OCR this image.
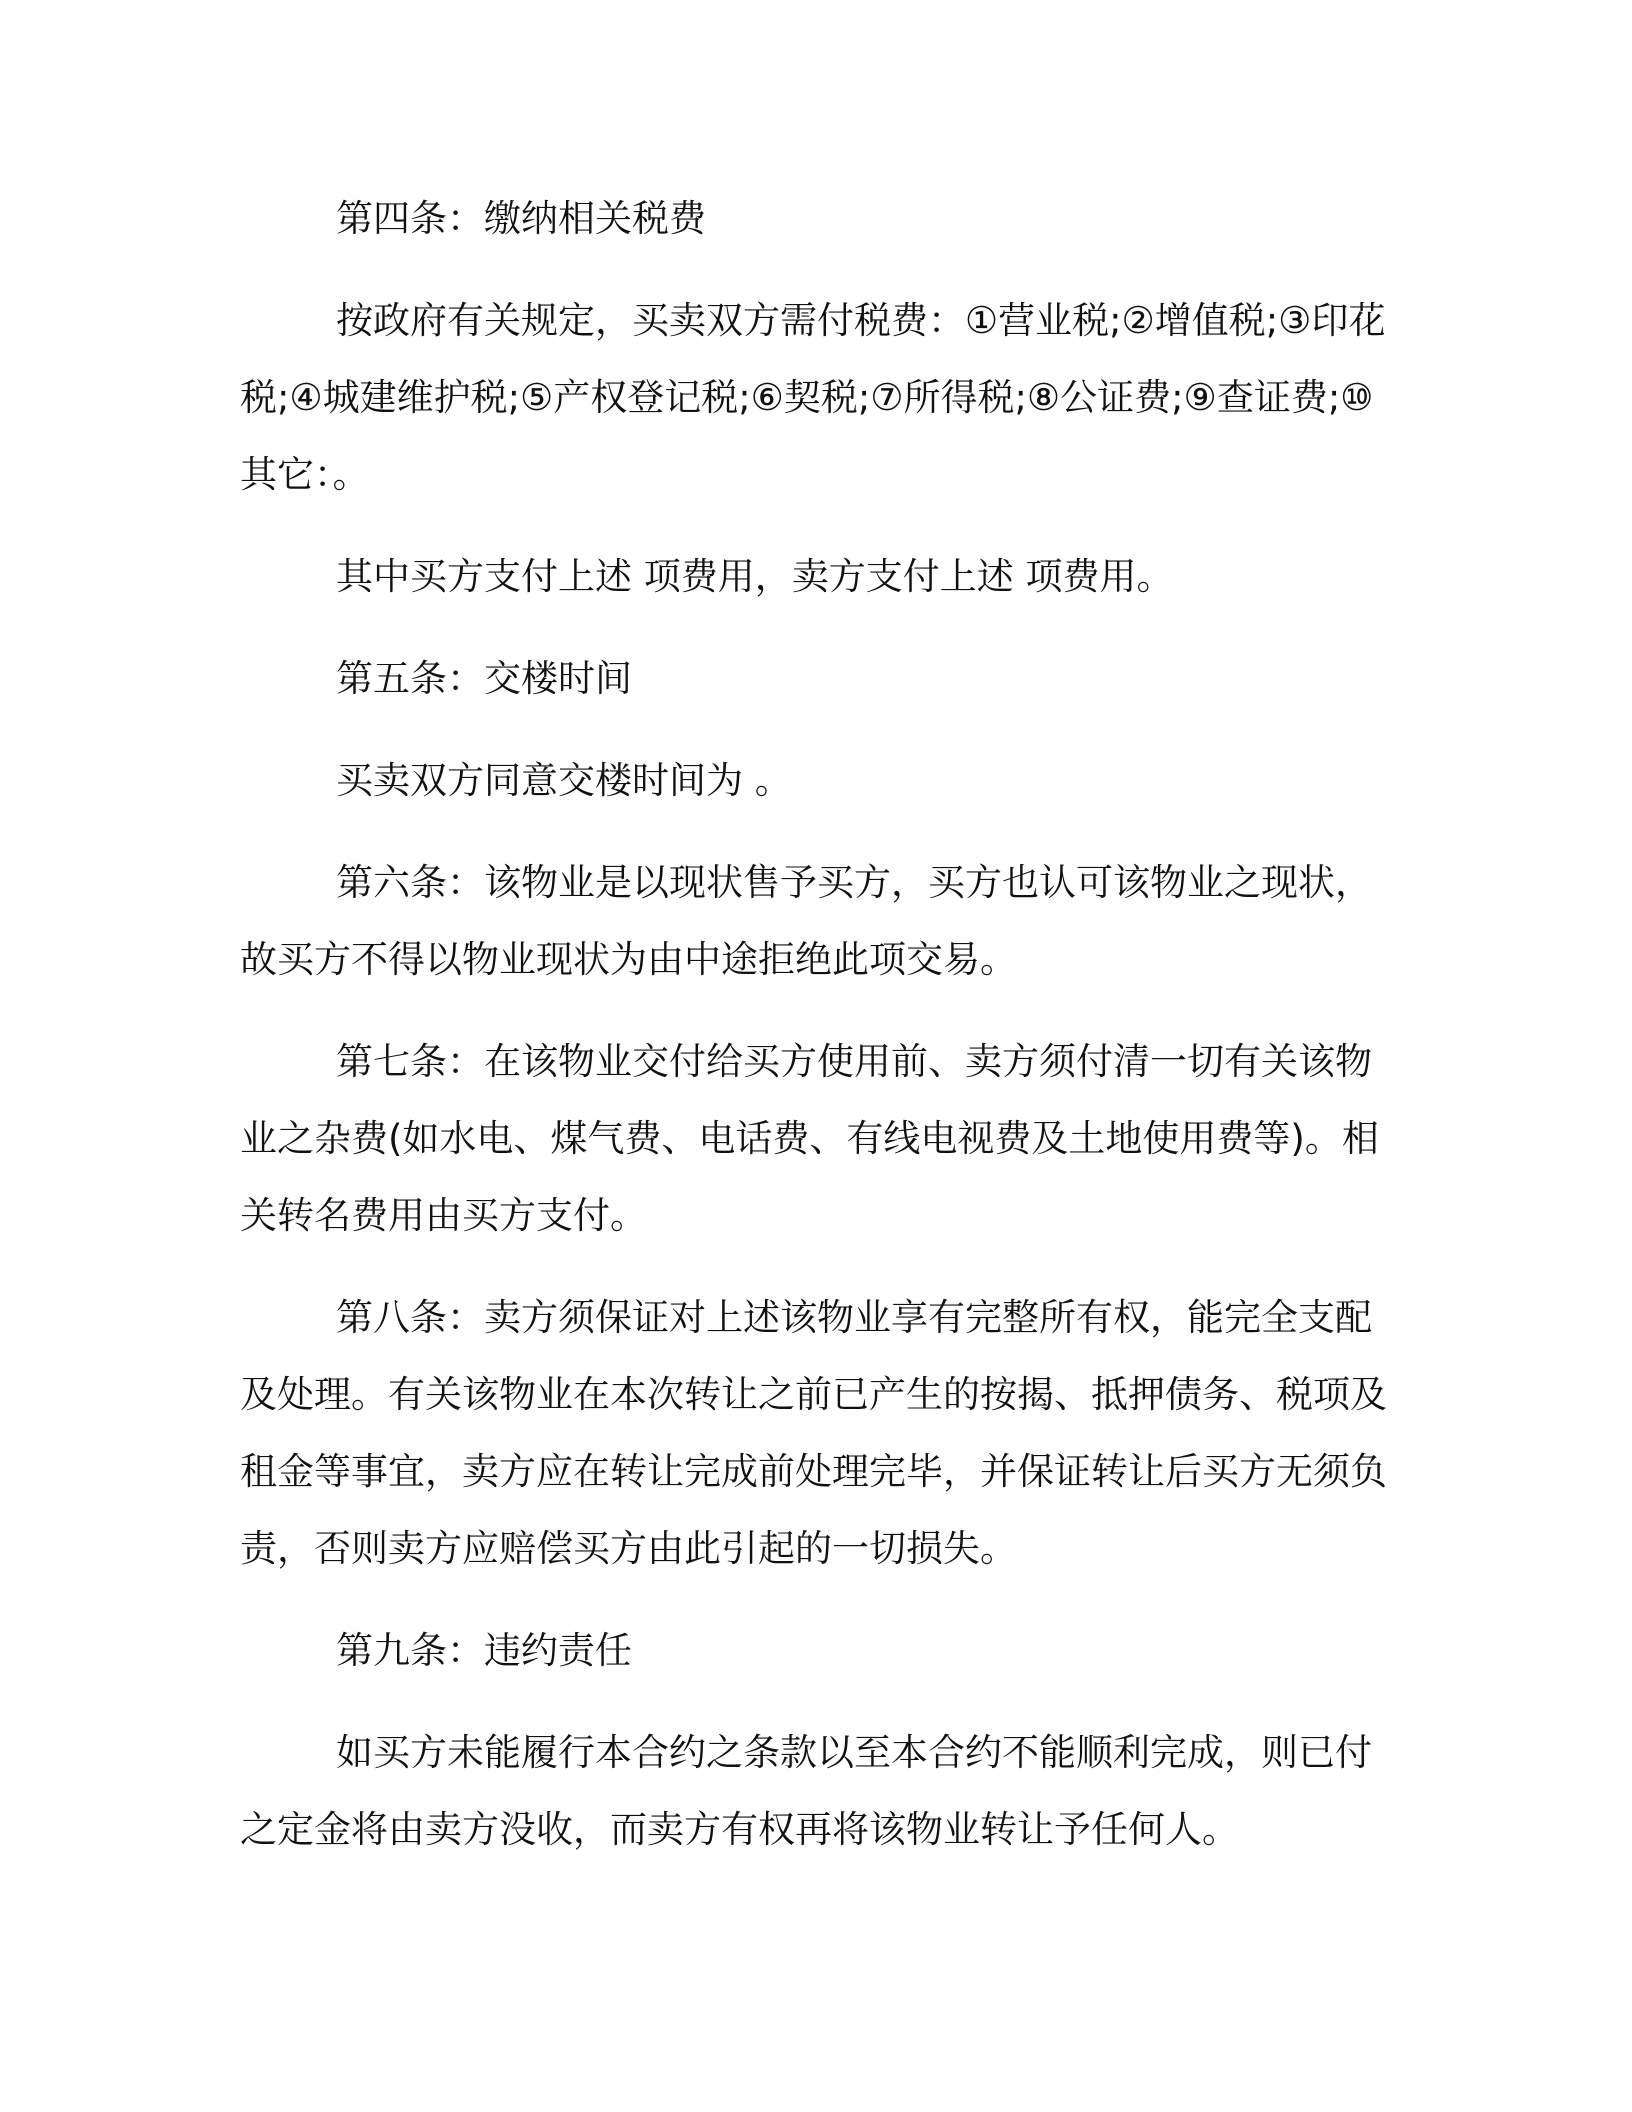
第四条：缴纳相关税费

按政府有关规定，买卖双方需付税费：①营业税;②增值税;③印花税;④城建维护税;⑤产权登记税;⑥契税;⑦所得税;⑧公证费;⑨查证费;⑩其它：。

其中买方支付上述 项费用，卖方支付上述 项费用。

第五条：交楼时间

买卖双方同意交楼时间为 。

第六条：该物业是以现状售予买方，买方也认可该物业之现状，故买方不得以物业现状为由中途拒绝此项交易。

第七条：在该物业交付给买方使用前、卖方须付清一切有关该物业之杂费(如水电、煤气费、电话费、有线电视费及土地使用费等)。相关转名费用由买方支付。

第八条：卖方须保证对上述该物业享有完整所有权，能完全支配及处理。有关该物业在本次转让之前已产生的按揭、抵押债务、税项及租金等事宜，卖方应在转让完成前处理完毕，并保证转让后买方无须负责，否则卖方应赔偿买方由此引起的一切损失。

第九条：违约责任

如买方未能履行本合约之条款以至本合约不能顺利完成，则已付之定金将由卖方没收，而卖方有权再将该物业转让予任何人。
